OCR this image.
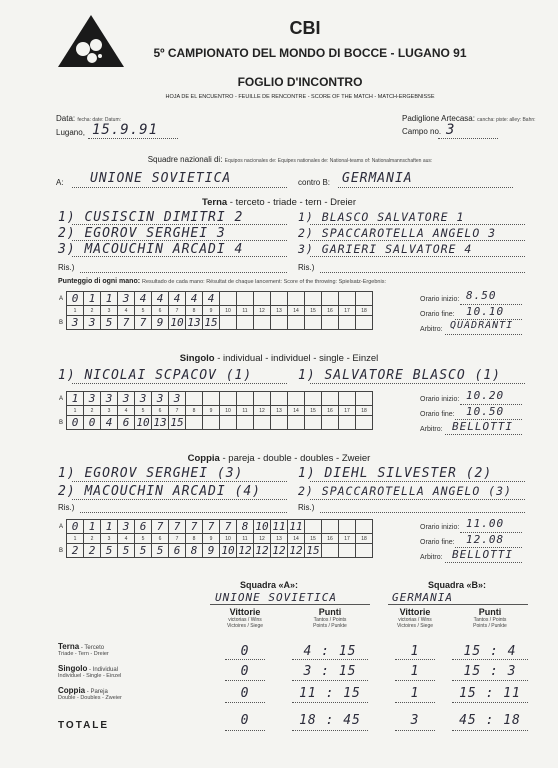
CBI
5º CAMPIONATO DEL MONDO DI BOCCE - LUGANO 91
FOGLIO D'INCONTRO
HOJA DE EL ENCUENTRO - FEUILLE DE RENCONTRE - SCORE OF THE MATCH - MATCH-ERGEBNISSE
Data: fecha: date: Datum:
Lugano, 15.9.91
Padiglione Artecasa: cancha: piste: alley: Bahn:
Campo no. 3
Squadre nazionali di: Equipos nacionales de: Equipes nationales de: National-teams of: Nationalmannschaften aus:
A: UNIONE SOVIETICA	contro B: GERMANIA
Terna - terceto - triade - tern - Dreier
1) CUSISCIN DIMITRI 2
2) EGOROV SERGHEI 3
3) MACOUCHIN ARCADI 4
1) BLASCO SALVATORE 1
2) SPACCAROTELLA ANGELO 3
3) GARIERI SALVATORE 4
Ris.)	Ris.)
Punteggio di ogni mano: Resultado de cada mano: Résultat de chaque lancement: Score of the throwing: Spielsatz-Ergebnis:
A	0	1	1	3	4	4	4	4	4									
	1	2	3	4	5	6	7	8	9	10	11	12	13	14	15	16	17	18
B	3	3	5	7	7	9	10	13	15									
Orario inizio: 8.50
Orario fine: 10.10
Arbitro: QUADRANTI
Singolo - individual - individuel - single - Einzel
1) NICOLAI SCPACOV (1)	1) SALVATORE BLASCO (1)
A	1	3	3	3	3	3	3											
	1	2	3	4	5	6	7	8	9	10	11	12	13	14	15	16	17	18
B	0	0	4	6	10	13	15											
Orario inizio: 10.20
Orario fine: 10.50
Arbitro: BELLOTTI
Coppia - pareja - double - doubles - Zweier
1) EGOROV SERGHEI (3)
2) MACOUCHIN ARCADI (4)
1) DIEHL SILVESTER (2)
2) SPACCAROTELLA ANGELO (3)
Ris.)	Ris.)
A	0	1	1	3	6	7	7	7	7	7	8	10	11	11				
	1	2	3	4	5	6	7	8	9	10	11	12	13	14	15	16	17	18
B	2	2	5	5	5	5	6	8	9	10	12	12	12	12	15			
Orario inizio: 11.00
Orario fine: 12.08
Arbitro: BELLOTTI
Squadra «A»:	Squadra «B»:
UNIONE SOVIETICA	GERMANIA
Vittorie
victorias / Wins
Victoires / Siege
Punti
Tantos / Points
Points / Punkte
Vittorie
victorias / Wins
Victoires / Siege
Punti
Tantos / Points
Points / Punkte
Terna - Terceto
Triade - Tern - Dreier	0	4 : 15	1	15 : 4
Singolo - Individual
Individuel - Single - Einzel	0	3 : 15	1	15 : 3
Coppia - Pareja
Double - Doubles - Zweier	0	11 : 15	1	15 : 11
TOTALE	0	18 : 45	3	45 : 18
